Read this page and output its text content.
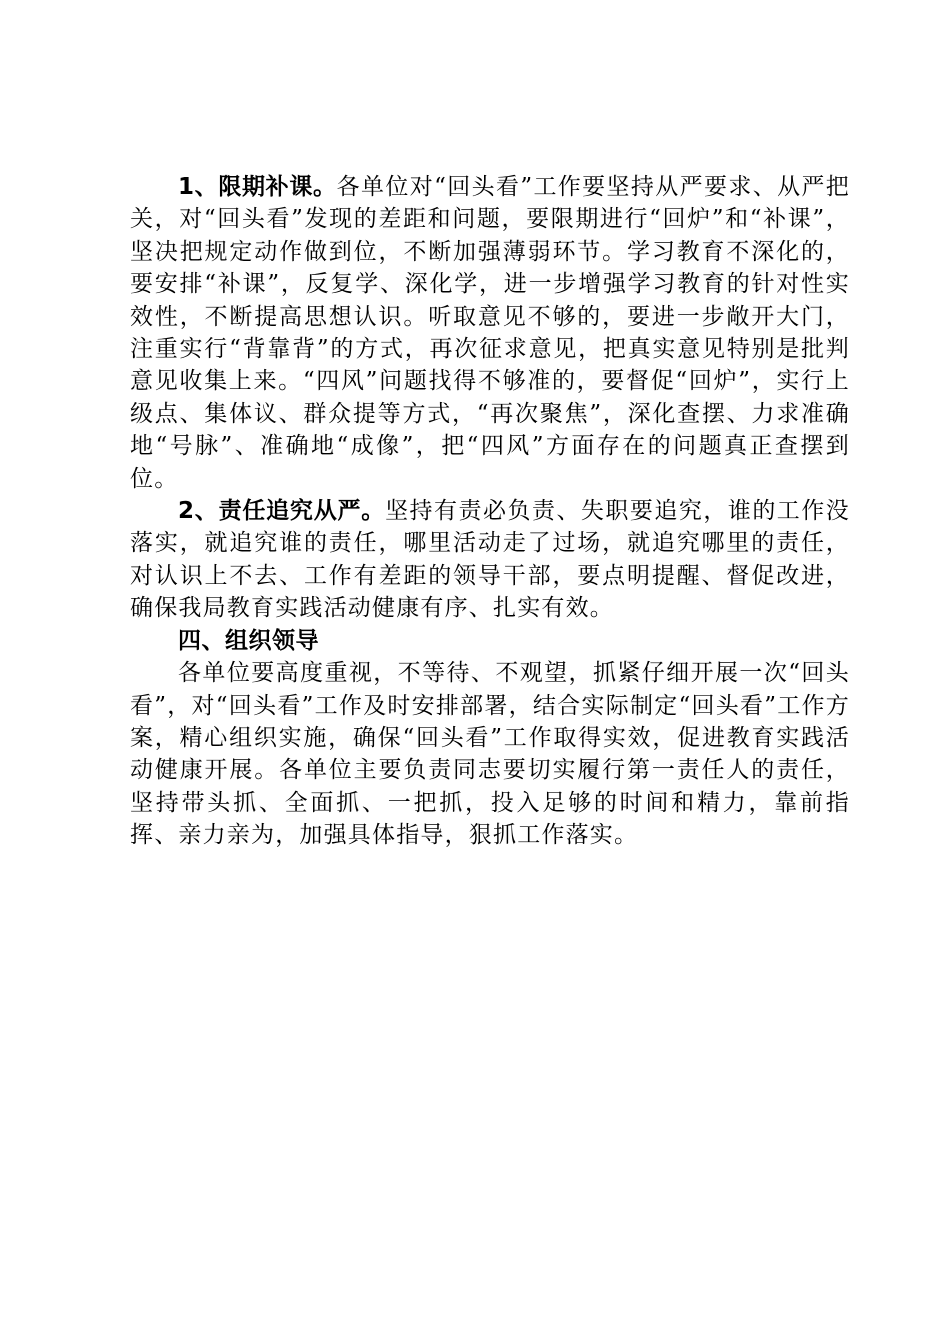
1、限期补课。各单位对“回头看”工作要坚持从严要求、从严把关，对“回头看”发现的差距和问题，要限期进行“回炉”和“补课”，坚决把规定动作做到位，不断加强薄弱环节。学习教育不深化的，要安排“补课”，反复学、深化学，进一步增强学习教育的针对性实效性，不断提高思想认识。听取意见不够的，要进一步敞开大门，注重实行“背靠背”的方式，再次征求意见，把真实意见特别是批判意见收集上来。“四风”问题找得不够准的，要督促“回炉”，实行上级点、集体议、群众提等方式，“再次聚焦”，深化查摆、力求准确地“号脉”、准确地“成像”，把“四风”方面存在的问题真正查摆到位。

2、责任追究从严。坚持有责必负责、失职要追究，谁的工作没落实，就追究谁的责任，哪里活动走了过场，就追究哪里的责任，对认识上不去、工作有差距的领导干部，要点明提醒、督促改进，确保我局教育实践活动健康有序、扎实有效。

四、组织领导

各单位要高度重视，不等待、不观望，抓紧仔细开展一次“回头看”，对“回头看”工作及时安排部署，结合实际制定“回头看”工作方案，精心组织实施，确保“回头看”工作取得实效，促进教育实践活动健康开展。各单位主要负责同志要切实履行第一责任人的责任，坚持带头抓、全面抓、一把抓，投入足够的时间和精力，靠前指挥、亲力亲为，加强具体指导，狠抓工作落实。
